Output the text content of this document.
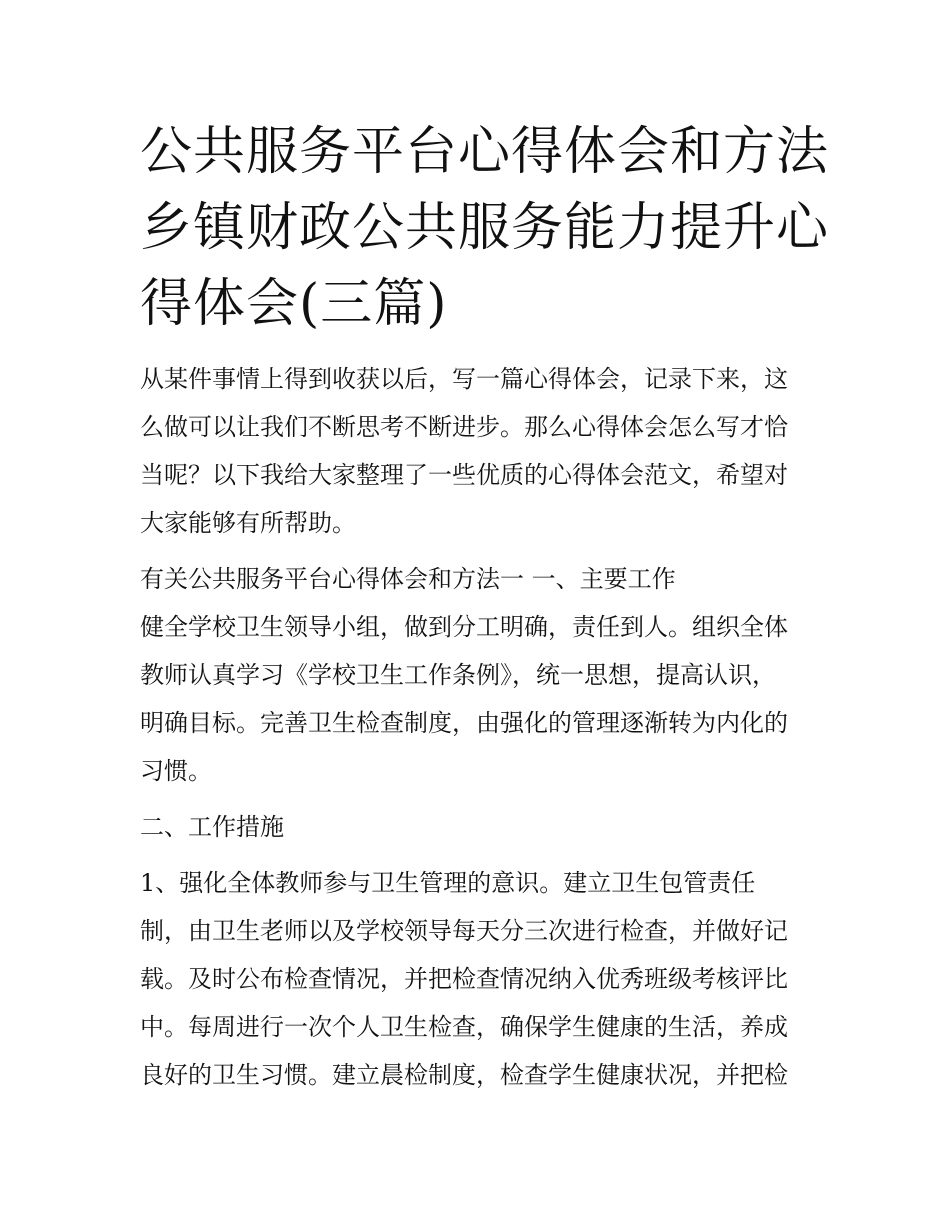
公共服务平台心得体会和方法
乡镇财政公共服务能力提升心
得体会(三篇)
从某件事情上得到收获以后，写一篇心得体会，记录下来，这
么做可以让我们不断思考不断进步。那么心得体会怎么写才恰
当呢？以下我给大家整理了一些优质的心得体会范文，希望对
大家能够有所帮助。
有关公共服务平台心得体会和方法一 一、主要工作
健全学校卫生领导小组，做到分工明确，责任到人。组织全体
教师认真学习《学校卫生工作条例》，统一思想，提高认识，
明确目标。完善卫生检查制度，由强化的管理逐渐转为内化的
习惯。
二、工作措施
1、强化全体教师参与卫生管理的意识。建立卫生包管责任
制，由卫生老师以及学校领导每天分三次进行检查，并做好记
载。及时公布检查情况，并把检查情况纳入优秀班级考核评比
中。每周进行一次个人卫生检查，确保学生健康的生活，养成
良好的卫生习惯。建立晨检制度，检查学生健康状况，并把检
